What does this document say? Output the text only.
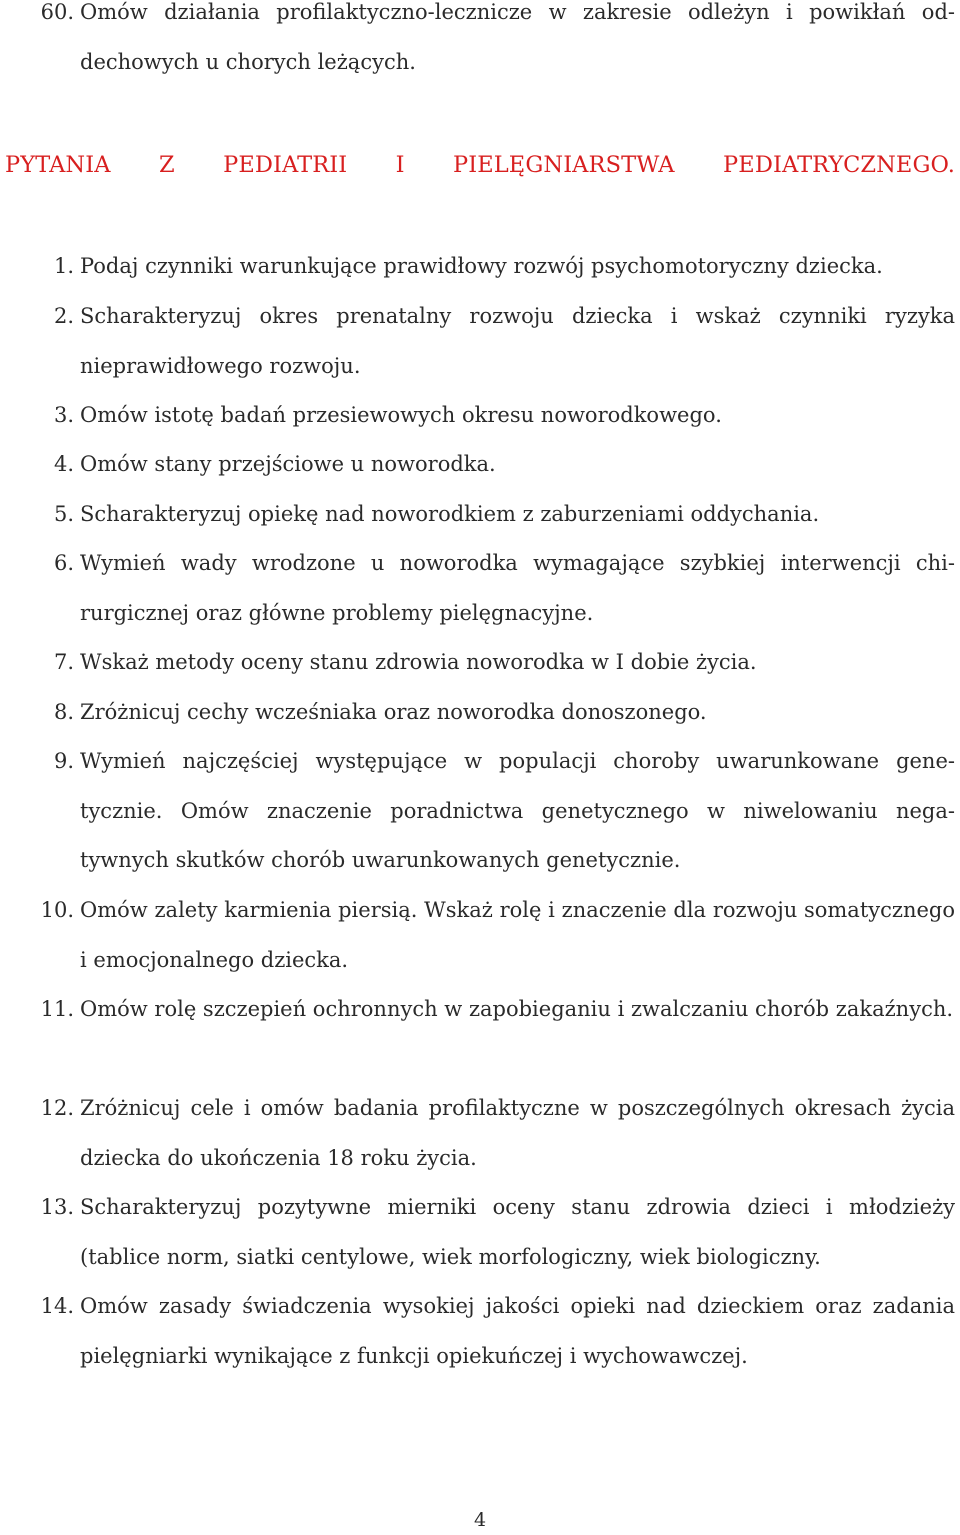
60. Omów działania profilaktyczno-lecznicze w zakresie odleżyn i powikłań oddechowych u chorych leżących.
PYTANIA Z PEDIATRII I PIELĘGNIARSTWA PEDIATRYCZNEGO.
1. Podaj czynniki warunkujące prawidłowy rozwój psychomotoryczny dziecka.
2. Scharakteryzuj okres prenatalny rozwoju dziecka i wskaż czynniki ryzyka nieprawidłowego rozwoju.
3. Omów istotę badań przesiewowych okresu noworodkowego.
4. Omów stany przejściowe u noworodka.
5. Scharakteryzuj opiekę nad noworodkiem z zaburzeniami oddychania.
6. Wymień wady wrodzone u noworodka wymagające szybkiej interwencji chirurgicznej oraz główne problemy pielęgnacyjne.
7. Wskaż metody oceny stanu zdrowia noworodka w I dobie życia.
8. Zróżnicuj cechy wcześniaka oraz noworodka donoszonego.
9. Wymień najczęściej występujące w populacji choroby uwarunkowane genetycznie. Omów znaczenie poradnictwa genetycznego w niwelowaniu negatywnych skutków chorób uwarunkowanych genetycznie.
10. Omów zalety karmienia piersią. Wskaż rolę i znaczenie dla rozwoju somatycznego i emocjonalnego dziecka.
11. Omów rolę szczepień ochronnych w zapobieganiu i zwalczaniu chorób zakaźnych.
12. Zróżnicuj cele i omów badania profilaktyczne w poszczególnych okresach życia dziecka do ukończenia 18 roku życia.
13. Scharakteryzuj pozytywne mierniki oceny stanu zdrowia dzieci i młodzieży (tablice norm, siatki centylowe, wiek morfologiczny, wiek biologiczny.
14. Omów zasady świadczenia wysokiej jakości opieki nad dzieckiem oraz zadania pielęgniarki wynikające z funkcji opiekuńczej i wychowawczej.
4
